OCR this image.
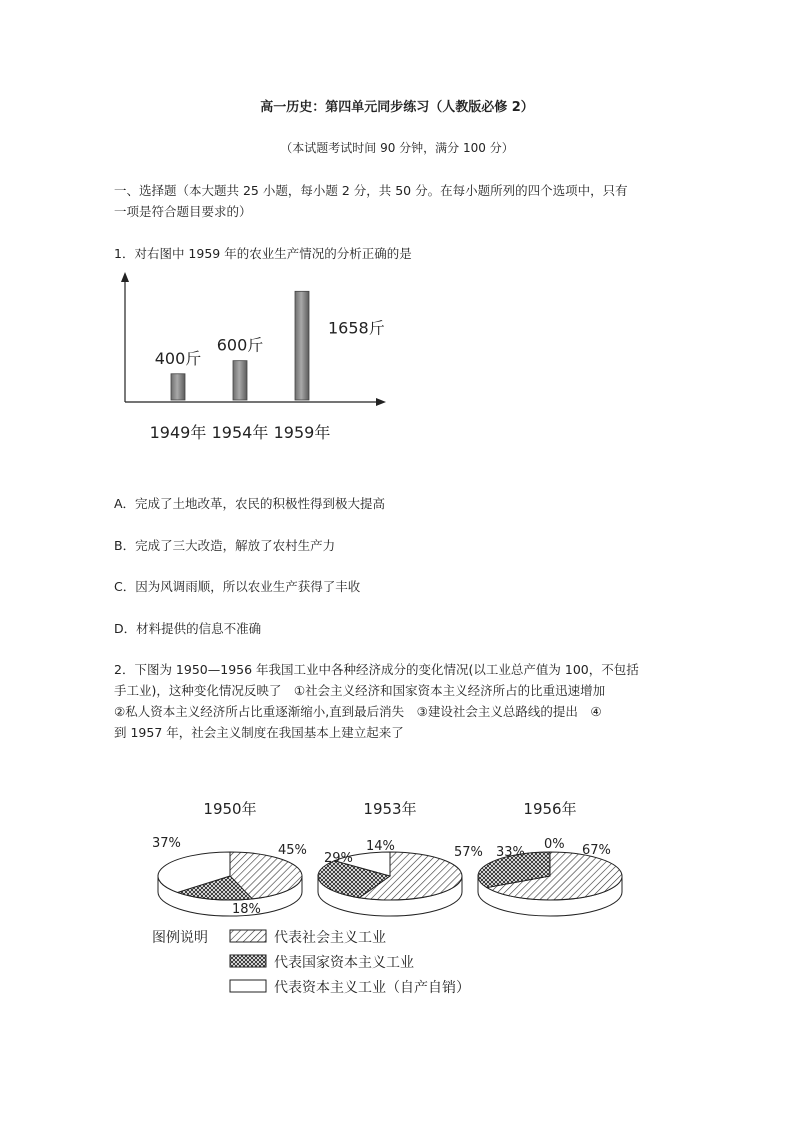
高一历史：第四单元同步练习（人教版必修 2）
（本试题考试时间 90 分钟，满分 100 分）
一、选择题（本大题共 25 小题，每小题 2 分，共 50 分。在每小题所列的四个选项中，只有
一项是符合题目要求的）
1．对右图中 1959 年的农业生产情况的分析正确的是
400斤
1949年
600斤
1954年
1658斤
1959年
A．完成了土地改革，农民的积极性得到极大提高
B．完成了三大改造，解放了农村生产力
C．因为风调雨顺，所以农业生产获得了丰收
D．材料提供的信息不准确
2．下图为 1950—1956 年我国工业中各种经济成分的变化情况(以工业总产值为 100，不包括
手工业)，这种变化情况反映了　①社会主义经济和国家资本主义经济所占的比重迅速增加
②私人资本主义经济所占比重逐渐缩小,直到最后消失　③建设社会主义总路线的提出　④
到 1957 年，社会主义制度在我国基本上建立起来了
1950年
45%
18%
37%
1953年
57%
29%
14%
1956年
67%
33%
0%
图例说明	代表社会主义工业
代表国家资本主义工业
代表资本主义工业（自产自销）
